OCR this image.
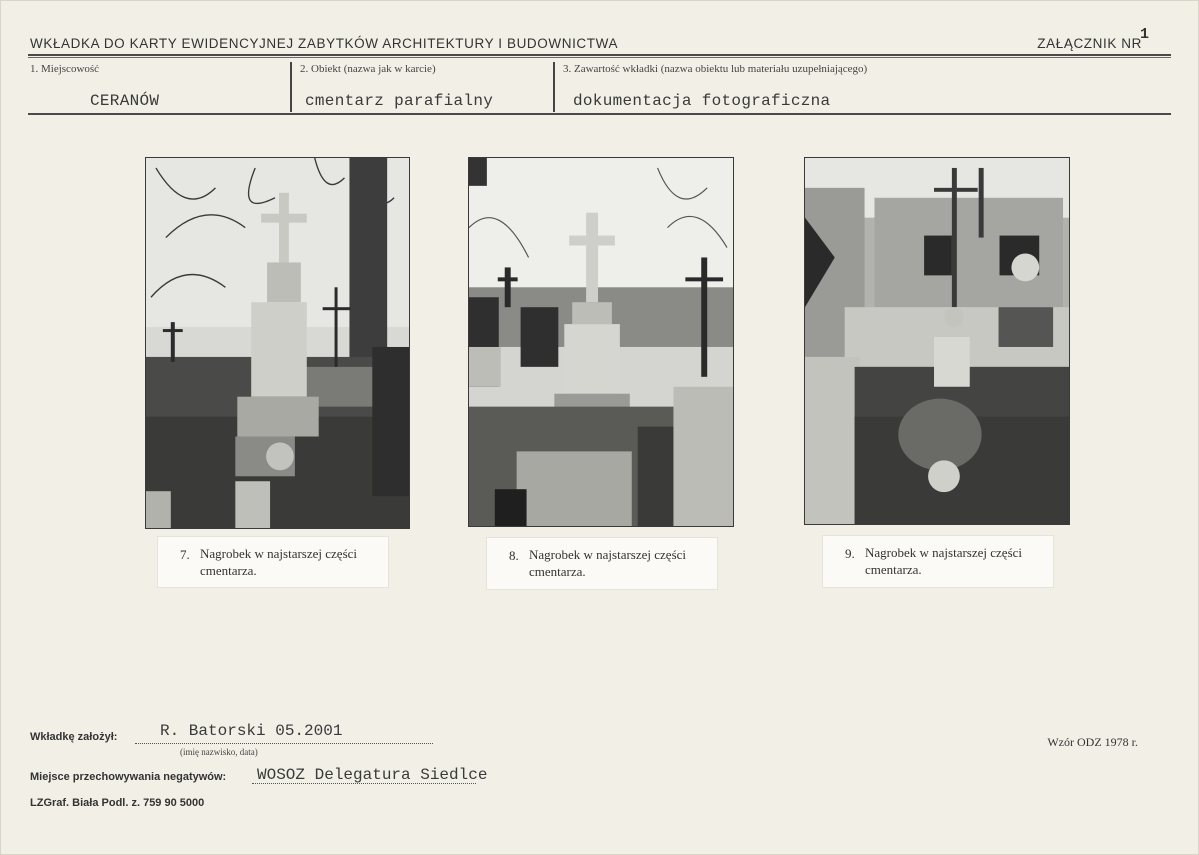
WKŁADKA DO KARTY EWIDENCYJNEJ ZABYTKÓW ARCHITEKTURY I BUDOWNICTWA	ZAŁĄCZNIK NR
1
1. Miejscowość
CERANÓW
2. Obiekt (nazwa jak w karcie)
cmentarz parafialny
3. Zawartość wkładki (nazwa obiektu lub materiału uzupełniającego)
dokumentacja fotograficzna
7. Nagrobek w najstarszej części cmentarza.
8. Nagrobek w najstarszej części cmentarza.
9. Nagrobek w najstarszej części cmentarza.
Wkładkę założył:	R. Batorski 05.2001
(imię nazwisko, data)
Miejsce przechowywania negatywów: WOSOZ Delegatura Siedlce
LZGraf. Biała Podl. z. 759 90 5000
Wzór ODZ 1978 r.
